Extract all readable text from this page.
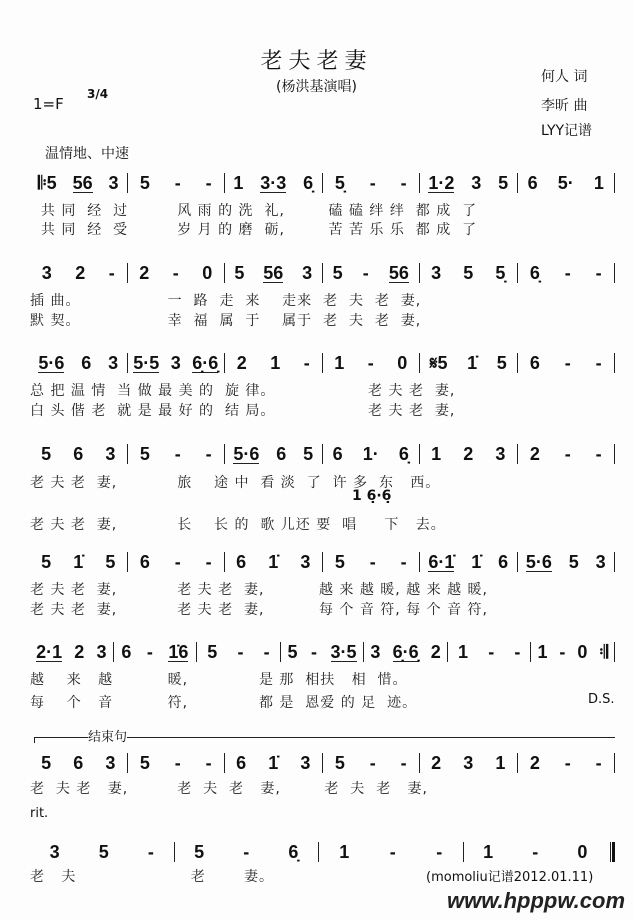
老夫老妻
(杨洪基演唱)
何人 词
李昕 曲
LYY记谱
1=F
3/4
温情地、中速
𝄆5 56 3 5 - - 1 3·3 6̣ 5̣ - - 1·2 3 5 6 5· 1
共 同  经  过         风 雨 的 洗  礼,        磕 磕 绊 绊  都 成  了
共 同  经  受         岁 月 的 磨  砺,        苦 苦 乐 乐  都 成  了
3 2 - 2 - 0 5 56 3 5 - 56 3 5 5̣ 6̣ - -
插 曲。                一  路  走  来    走来  老  夫  老  妻,
默 契。                幸  福  属  于    属于  老  夫  老  妻,
5·6 6 3 5·5 3 6̣·6̣ 2 1 - 1 - 0 𝄋5 1̇ 5 6 - -
总 把 温 情  当 做 最 美 的  旋 律。                 老 夫 老  妻,
白 头 偕 老  就 是 最 好 的  结 局。                 老 夫 老  妻,
5 6 3 5 - - 5·6 6 5 6 1· 6̣ 1 2 3 2 - -
老 夫 老  妻,           旅    途 中  看 淡  了  许 多  东   西。
5 1̇ 5 6 - - 6 1̇ 3 5 - - 6·1̇ 1̇ 6 5·6 5 3
老 夫 老  妻,           老 夫 老  妻,          越 来 越 暖, 越 来 越 暖,
老 夫 老  妻,           老 夫 老  妻,          每 个 音 符, 每 个 音 符,
2·1 2 3 6 - 1̇6 5 - - 5 - 3·5 3 6̣·6̣ 2 1 - - 1 - 0 𝄇
越    来   越          暖,             是 那  相扶   相  惜。
每    个   音          符,             都 是  恩爱 的 足  迹。
5 6 3 5 - - 6 1̇ 3 5 - - 2 3 1 2 - -
老  夫 老   妻,         老  夫  老   妻,        老  夫  老   妻,
3 5 - 5 - 6̣ 1 - - 1 - 0
老   夫                     老       妻。
1 6̣·6̣
老 夫 老  妻,           长    长 的  歌 儿还 要  唱     下   去。
D.S.
结束句
rit.
(momoliu记谱2012.01.11)
www.hpppw.com
